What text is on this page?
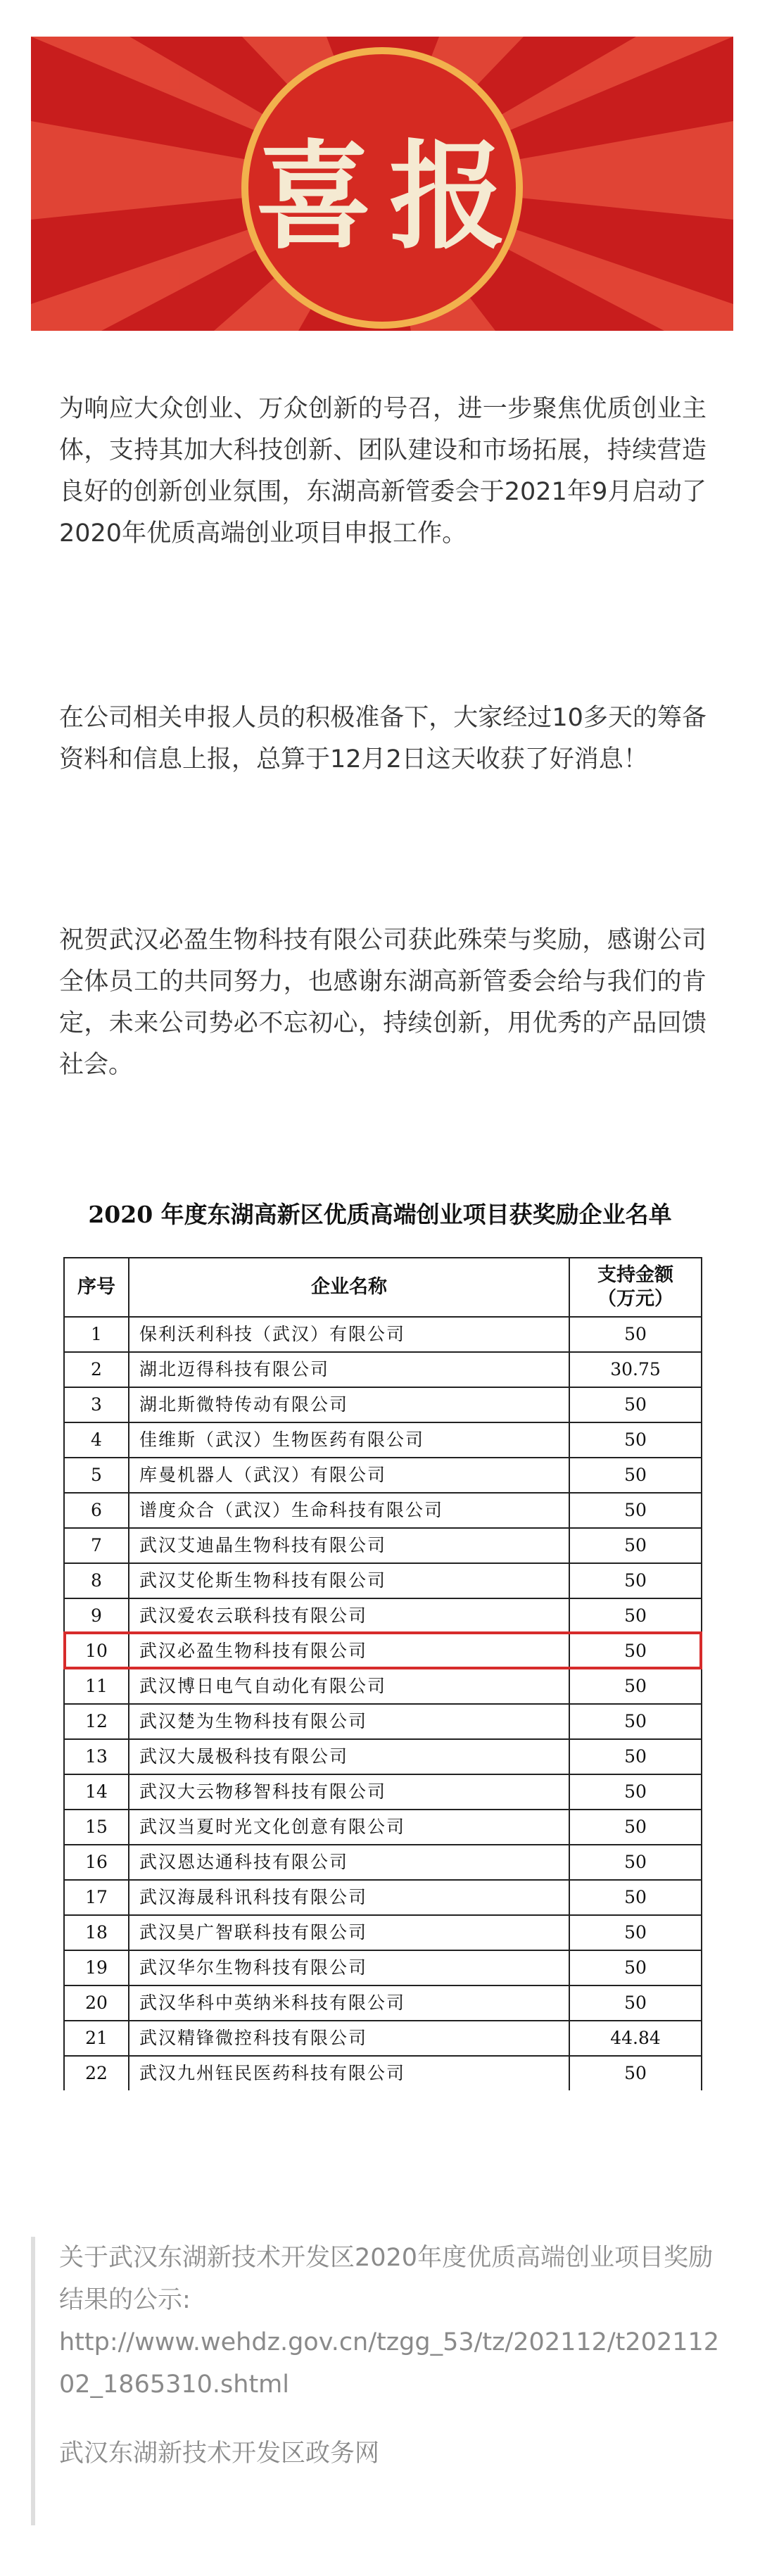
喜 报

为响应大众创业、万众创新的号召，进一步聚焦优质创业主体，支持其加大科技创新、团队建设和市场拓展，持续营造良好的创新创业氛围，东湖高新管委会于2021年9月启动了2020年优质高端创业项目申报工作。

在公司相关申报人员的积极准备下，大家经过10多天的筹备资料和信息上报，总算于12月2日这天收获了好消息！

祝贺武汉必盈生物科技有限公司获此殊荣与奖励，感谢公司全体员工的共同努力，也感谢东湖高新管委会给与我们的肯定，未来公司势必不忘初心，持续创新，用优秀的产品回馈社会。

2020 年度东湖高新区优质高端创业项目获奖励企业名单
序号	企业名称	支持金额
（万元）
1	保利沃利科技（武汉）有限公司	50
2	湖北迈得科技有限公司	30.75
3	湖北斯微特传动有限公司	50
4	佳维斯（武汉）生物医药有限公司	50
5	库曼机器人（武汉）有限公司	50
6	谱度众合（武汉）生命科技有限公司	50
7	武汉艾迪晶生物科技有限公司	50
8	武汉艾伦斯生物科技有限公司	50
9	武汉爱农云联科技有限公司	50
10	武汉必盈生物科技有限公司	50
11	武汉博日电气自动化有限公司	50
12	武汉楚为生物科技有限公司	50
13	武汉大晟极科技有限公司	50
14	武汉大云物移智科技有限公司	50
15	武汉当夏时光文化创意有限公司	50
16	武汉恩达通科技有限公司	50
17	武汉海晟科讯科技有限公司	50
18	武汉昊广智联科技有限公司	50
19	武汉华尔生物科技有限公司	50
20	武汉华科中英纳米科技有限公司	50
21	武汉精锋微控科技有限公司	44.84
22	武汉九州钰民医药科技有限公司	50

关于武汉东湖新技术开发区2020年度优质高端创业项目奖励结果的公示:

http://www.wehdz.gov.cn/tzgg_53/tz/202112/t20211202_1865310.shtml

武汉东湖新技术开发区政务网
